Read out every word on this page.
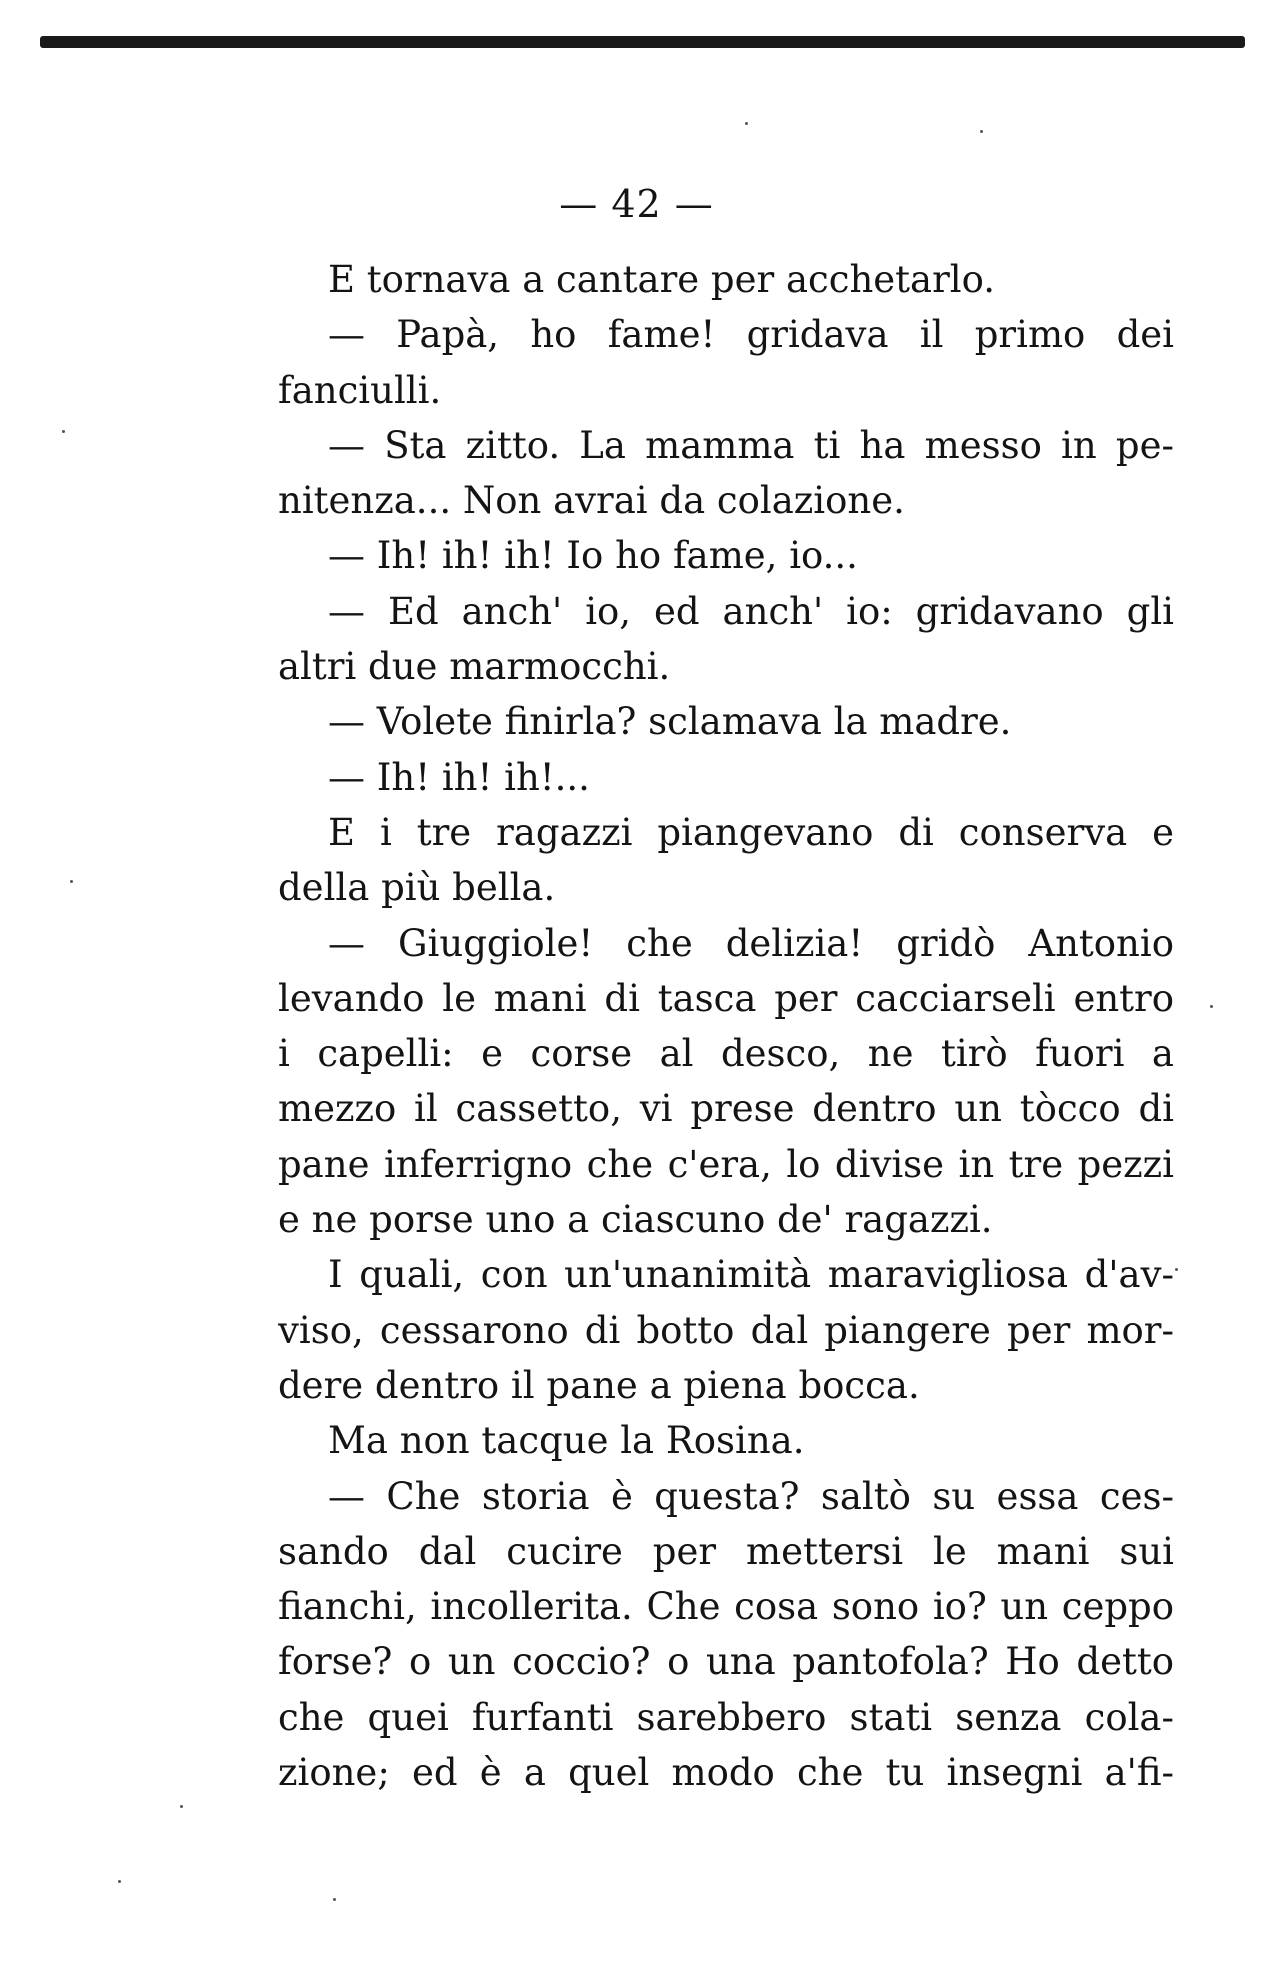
— 42 —
E tornava a cantare per acchetarlo.
— Papà, ho fame! gridava il primo dei
fanciulli.
— Sta zitto. La mamma ti ha messo in pe-
nitenza... Non avrai da colazione.
— Ih! ih! ih! Io ho fame, io...
— Ed anch' io, ed anch' io: gridavano gli
altri due marmocchi.
— Volete finirla? sclamava la madre.
— Ih! ih! ih!...
E i tre ragazzi piangevano di conserva e
della più bella.
— Giuggiole! che delizia! gridò Antonio
levando le mani di tasca per cacciarseli entro
i capelli: e corse al desco, ne tirò fuori a
mezzo il cassetto, vi prese dentro un tòcco di
pane inferrigno che c'era, lo divise in tre pezzi
e ne porse uno a ciascuno de' ragazzi.
I quali, con un'unanimità maravigliosa d'av-
viso, cessarono di botto dal piangere per mor-
dere dentro il pane a piena bocca.
Ma non tacque la Rosina.
— Che storia è questa? saltò su essa ces-
sando dal cucire per mettersi le mani sui
fianchi, incollerita. Che cosa sono io? un ceppo
forse? o un coccio? o una pantofola? Ho detto
che quei furfanti sarebbero stati senza cola-
zione; ed è a quel modo che tu insegni a'fi-
